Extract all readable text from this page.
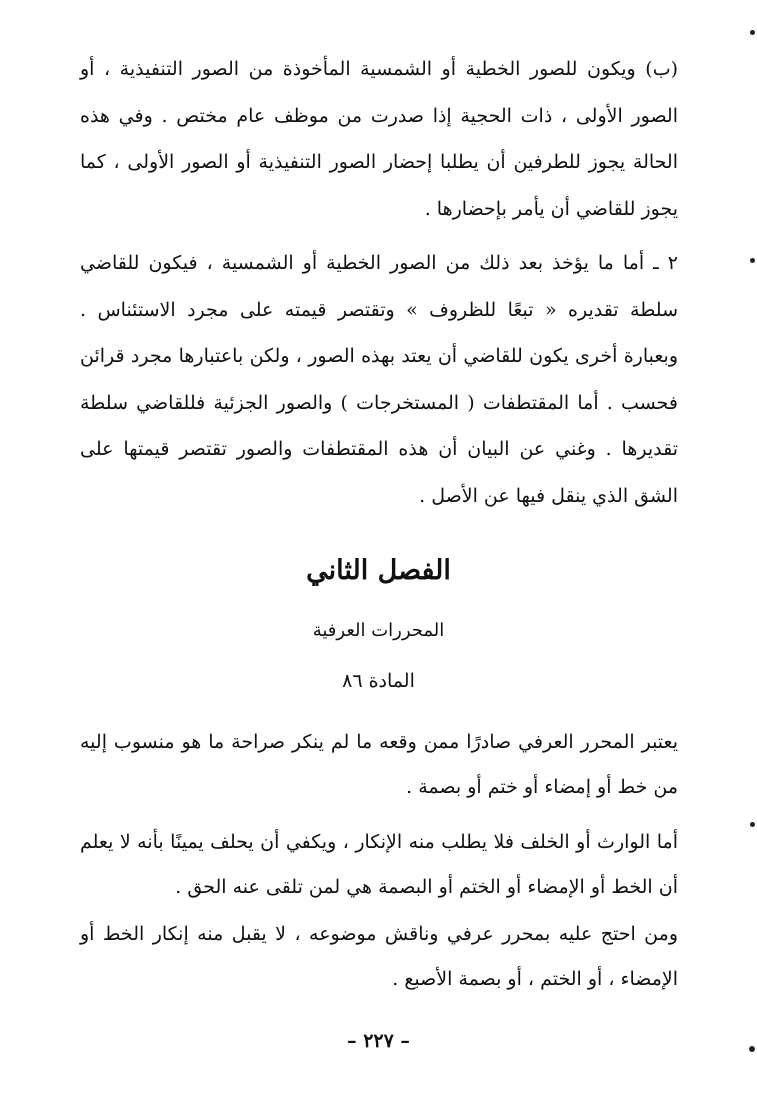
(ب) ويكون للصور الخطية أو الشمسية المأخوذة من الصور التنفيذية ، أو الصور الأولى ، ذات الحجية إذا صدرت من موظف عام مختص . وفي هذه الحالة يجوز للطرفين أن يطلبا إحضار الصور التنفيذية أو الصور الأولى ، كما يجوز للقاضي أن يأمر بإحضارها .

٢ ـ أما ما يؤخذ بعد ذلك من الصور الخطية أو الشمسية ، فيكون للقاضي سلطة تقديره « تبعًا للظروف » وتقتصر قيمته على مجرد الاستئناس . وبعبارة أخرى يكون للقاضي أن يعتد بهذه الصور ، ولكن باعتبارها مجرد قرائن فحسب . أما المقتطفات ( المستخرجات ) والصور الجزئية فللقاضي سلطة تقديرها . وغني عن البيان أن هذه المقتطفات والصور تقتصر قيمتها على الشق الذي ينقل فيها عن الأصل .

الفصل الثاني
المحررات العرفية
المادة ٨٦

يعتبر المحرر العرفي صادرًا ممن وقعه ما لم ينكر صراحة ما هو منسوب إليه من خط أو إمضاء أو ختم أو بصمة .

أما الوارث أو الخلف فلا يطلب منه الإنكار ، ويكفي أن يحلف يمينًا بأنه لا يعلم أن الخط أو الإمضاء أو الختم أو البصمة هي لمن تلقى عنه الحق .

ومن احتج عليه بمحرر عرفي وناقش موضوعه ، لا يقبل منه إنكار الخط أو الإمضاء ، أو الختم ، أو بصمة الأصبع .

– ٢٢٧ –
